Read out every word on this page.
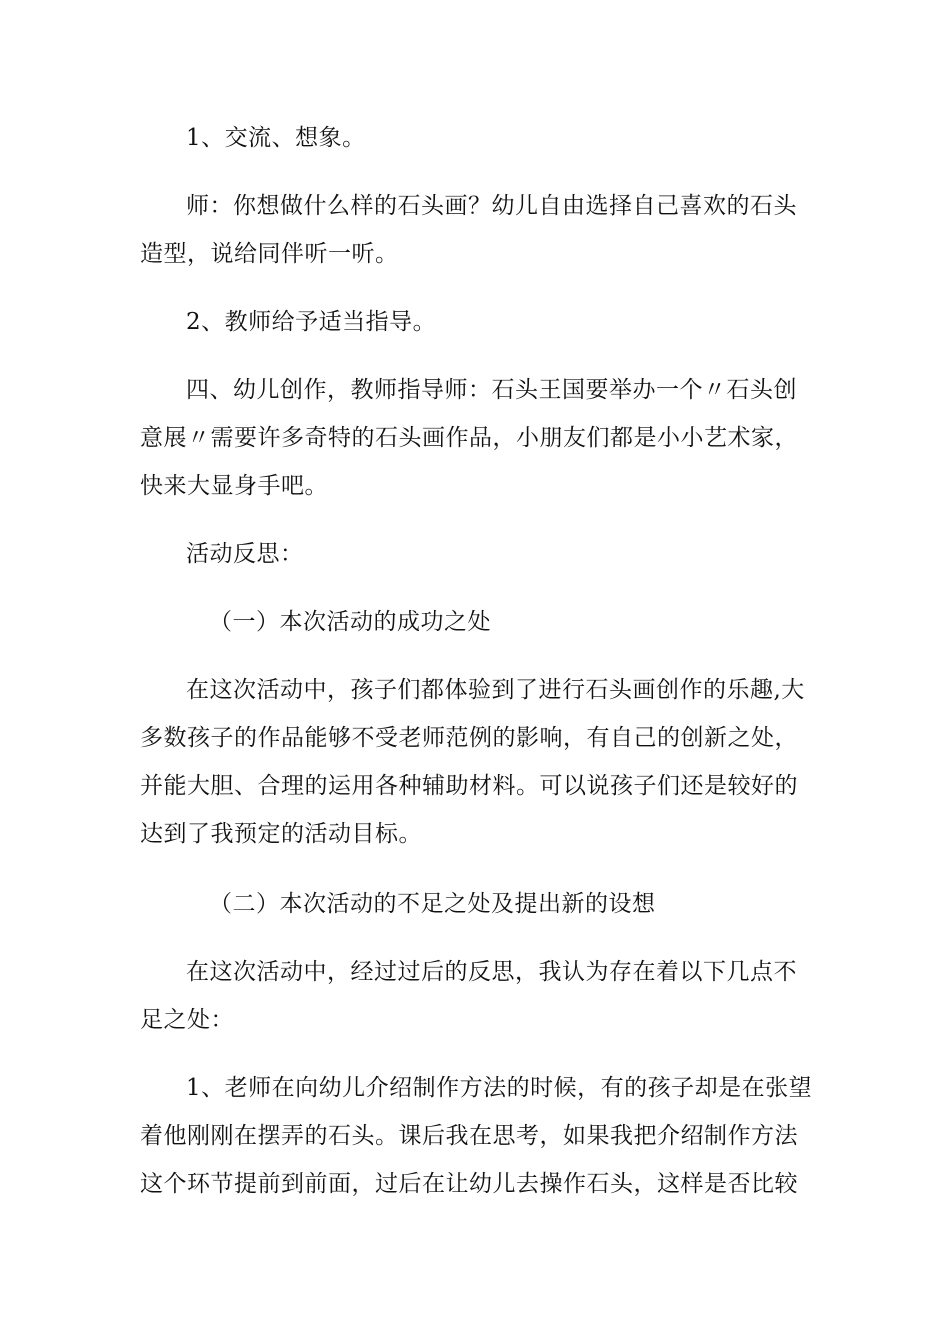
1、交流、想象。

师：你想做什么样的石头画？幼儿自由选择自己喜欢的石头造型，说给同伴听一听。

2、教师给予适当指导。

四、幼儿创作，教师指导师：石头王国要举办一个〃石头创意展〃需要许多奇特的石头画作品，小朋友们都是小小艺术家，快来大显身手吧。

活动反思：

（一）本次活动的成功之处

在这次活动中，孩子们都体验到了进行石头画创作的乐趣,大多数孩子的作品能够不受老师范例的影响，有自己的创新之处，并能大胆、合理的运用各种辅助材料。可以说孩子们还是较好的达到了我预定的活动目标。

（二）本次活动的不足之处及提出新的设想

在这次活动中，经过过后的反思，我认为存在着以下几点不足之处：

1、老师在向幼儿介绍制作方法的时候，有的孩子却是在张望着他刚刚在摆弄的石头。课后我在思考，如果我把介绍制作方法这个环节提前到前面，过后在让幼儿去操作石头，这样是否比较
